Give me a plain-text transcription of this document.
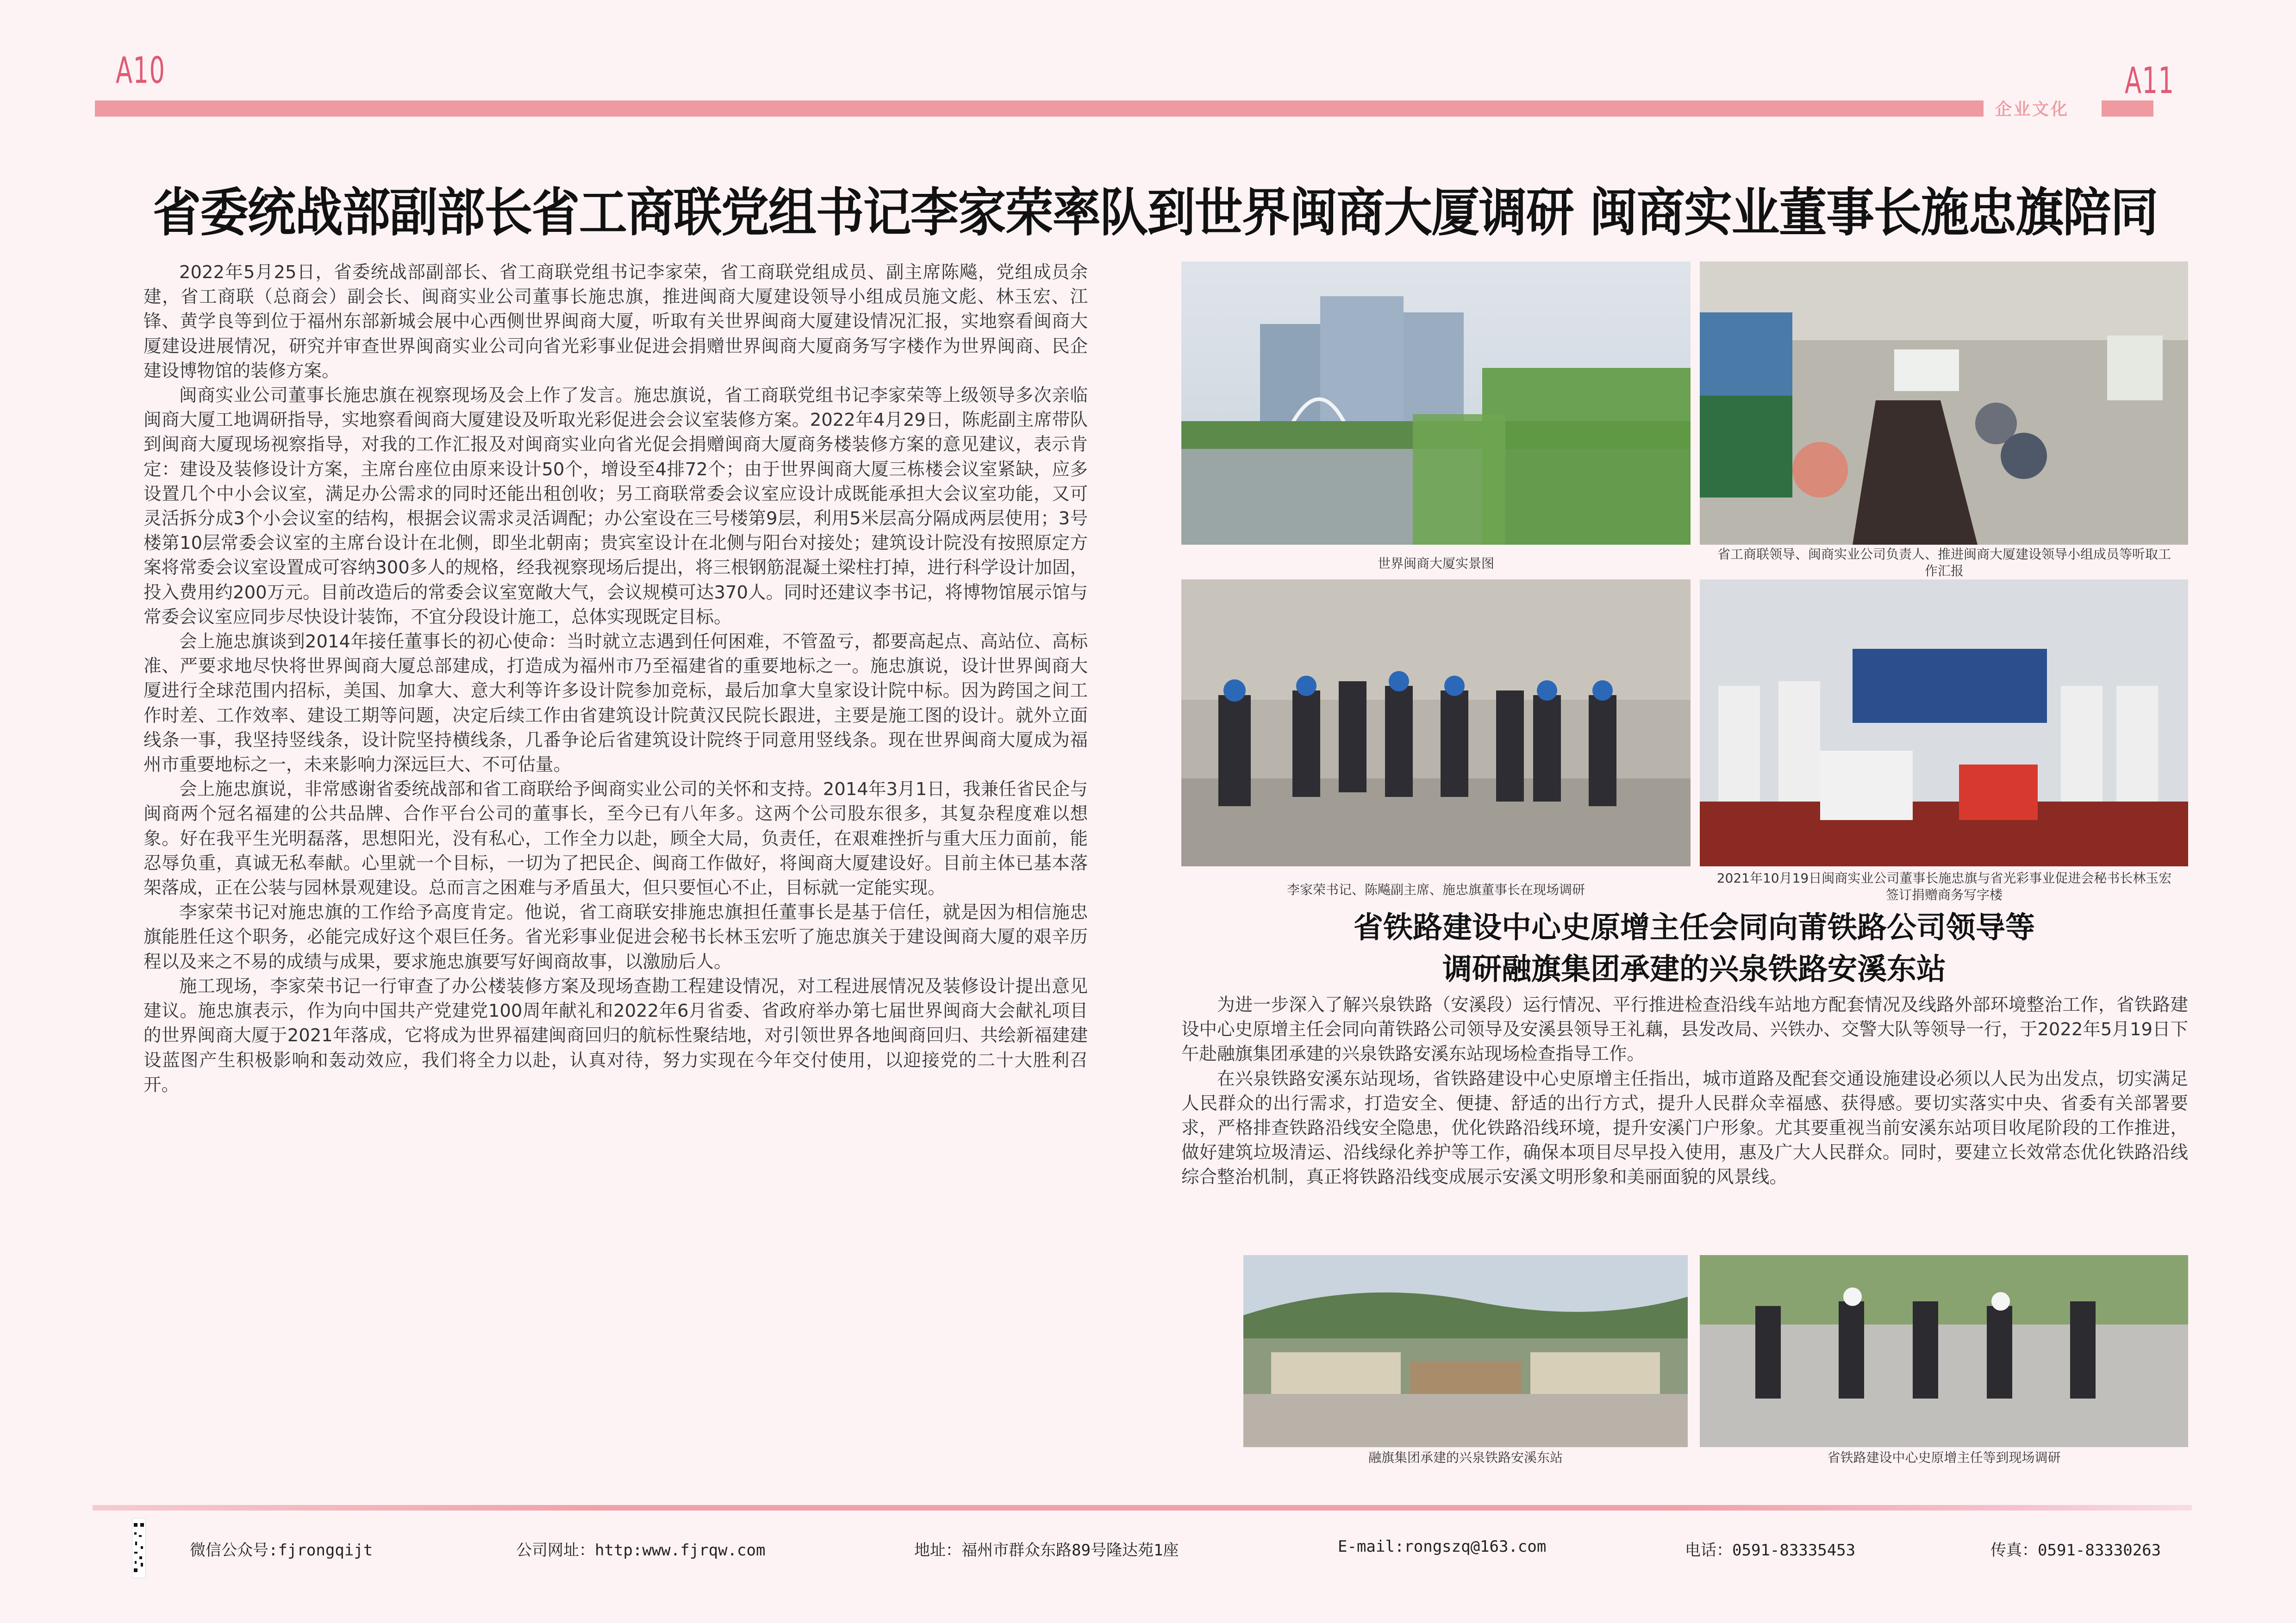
A10
企业文化
A11
省委统战部副部长省工商联党组书记李家荣率队到世界闽商大厦调研 闽商实业董事长施忠旗陪同

2022年5月25日，省委统战部副部长、省工商联党组书记李家荣，省工商联党组成员、副主席陈飚，党组成员余建，省工商联（总商会）副会长、闽商实业公司董事长施忠旗，推进闽商大厦建设领导小组成员施文彪、林玉宏、江锋、黄学良等到位于福州东部新城会展中心西侧世界闽商大厦，听取有关世界闽商大厦建设情况汇报，实地察看闽商大厦建设进展情况，研究并审查世界闽商实业公司向省光彩事业促进会捐赠世界闽商大厦商务写字楼作为世界闽商、民企建设博物馆的装修方案。

闽商实业公司董事长施忠旗在视察现场及会上作了发言。施忠旗说，省工商联党组书记李家荣等上级领导多次亲临闽商大厦工地调研指导，实地察看闽商大厦建设及听取光彩促进会会议室装修方案。2022年4月29日，陈彪副主席带队到闽商大厦现场视察指导，对我的工作汇报及对闽商实业向省光促会捐赠闽商大厦商务楼装修方案的意见建议，表示肯定：建设及装修设计方案，主席台座位由原来设计50个，增设至4排72个；由于世界闽商大厦三栋楼会议室紧缺，应多设置几个中小会议室，满足办公需求的同时还能出租创收；另工商联常委会议室应设计成既能承担大会议室功能，又可灵活拆分成3个小会议室的结构，根据会议需求灵活调配；办公室设在三号楼第9层，利用5米层高分隔成两层使用；3号楼第10层常委会议室的主席台设计在北侧，即坐北朝南；贵宾室设计在北侧与阳台对接处；建筑设计院没有按照原定方案将常委会议室设置成可容纳300多人的规格，经我视察现场后提出，将三根钢筋混凝土梁柱打掉，进行科学设计加固，投入费用约200万元。目前改造后的常委会议室宽敞大气，会议规模可达370人。同时还建议李书记，将博物馆展示馆与常委会议室应同步尽快设计装饰，不宜分段设计施工，总体实现既定目标。

会上施忠旗谈到2014年接任董事长的初心使命：当时就立志遇到任何困难，不管盈亏，都要高起点、高站位、高标准、严要求地尽快将世界闽商大厦总部建成，打造成为福州市乃至福建省的重要地标之一。施忠旗说，设计世界闽商大厦进行全球范围内招标，美国、加拿大、意大利等许多设计院参加竞标，最后加拿大皇家设计院中标。因为跨国之间工作时差、工作效率、建设工期等问题，决定后续工作由省建筑设计院黄汉民院长跟进，主要是施工图的设计。就外立面线条一事，我坚持竖线条，设计院坚持横线条，几番争论后省建筑设计院终于同意用竖线条。现在世界闽商大厦成为福州市重要地标之一，未来影响力深远巨大、不可估量。

会上施忠旗说，非常感谢省委统战部和省工商联给予闽商实业公司的关怀和支持。2014年3月1日，我兼任省民企与闽商两个冠名福建的公共品牌、合作平台公司的董事长，至今已有八年多。这两个公司股东很多，其复杂程度难以想象。好在我平生光明磊落，思想阳光，没有私心，工作全力以赴，顾全大局，负责任，在艰难挫折与重大压力面前，能忍辱负重，真诚无私奉献。心里就一个目标，一切为了把民企、闽商工作做好，将闽商大厦建设好。目前主体已基本落架落成，正在公装与园林景观建设。总而言之困难与矛盾虽大，但只要恒心不止，目标就一定能实现。

李家荣书记对施忠旗的工作给予高度肯定。他说，省工商联安排施忠旗担任董事长是基于信任，就是因为相信施忠旗能胜任这个职务，必能完成好这个艰巨任务。省光彩事业促进会秘书长林玉宏听了施忠旗关于建设闽商大厦的艰辛历程以及来之不易的成绩与成果，要求施忠旗要写好闽商故事，以激励后人。

施工现场，李家荣书记一行审查了办公楼装修方案及现场查勘工程建设情况，对工程进展情况及装修设计提出意见建议。施忠旗表示，作为向中国共产党建党100周年献礼和2022年6月省委、省政府举办第七届世界闽商大会献礼项目的世界闽商大厦于2021年落成，它将成为世界福建闽商回归的航标性聚结地，对引领世界各地闽商回归、共绘新福建建设蓝图产生积极影响和轰动效应，我们将全力以赴，认真对待，努力实现在今年交付使用，以迎接党的二十大胜利召开。

世界闽商大厦实景图
省工商联领导、闽商实业公司负责人、推进闽商大厦建设领导小组成员等听取工作汇报
李家荣书记、陈飚副主席、施忠旗董事长在现场调研
2021年10月19日闽商实业公司董事长施忠旗与省光彩事业促进会秘书长林玉宏签订捐赠商务写字楼
省铁路建设中心史原增主任会同向莆铁路公司领导等
调研融旗集团承建的兴泉铁路安溪东站

为进一步深入了解兴泉铁路（安溪段）运行情况、平行推进检查沿线车站地方配套情况及线路外部环境整治工作，省铁路建设中心史原增主任会同向莆铁路公司领导及安溪县领导王礼藕，县发改局、兴铁办、交警大队等领导一行，于2022年5月19日下午赴融旗集团承建的兴泉铁路安溪东站现场检查指导工作。

在兴泉铁路安溪东站现场，省铁路建设中心史原增主任指出，城市道路及配套交通设施建设必须以人民为出发点，切实满足人民群众的出行需求，打造安全、便捷、舒适的出行方式，提升人民群众幸福感、获得感。要切实落实中央、省委有关部署要求，严格排查铁路沿线安全隐患，优化铁路沿线环境，提升安溪门户形象。尤其要重视当前安溪东站项目收尾阶段的工作推进，做好建筑垃圾清运、沿线绿化养护等工作，确保本项目尽早投入使用，惠及广大人民群众。同时，要建立长效常态优化铁路沿线综合整治机制，真正将铁路沿线变成展示安溪文明形象和美丽面貌的风景线。

融旗集团承建的兴泉铁路安溪东站	省铁路建设中心史原增主任等到现场调研
微信公众号:fjrongqijt	公司网址：http:www.fjrqw.com	地址：福州市群众东路89号隆达苑1座	E-mail:rongszq@163.com	电话：0591-83335453	传真：0591-83330263
